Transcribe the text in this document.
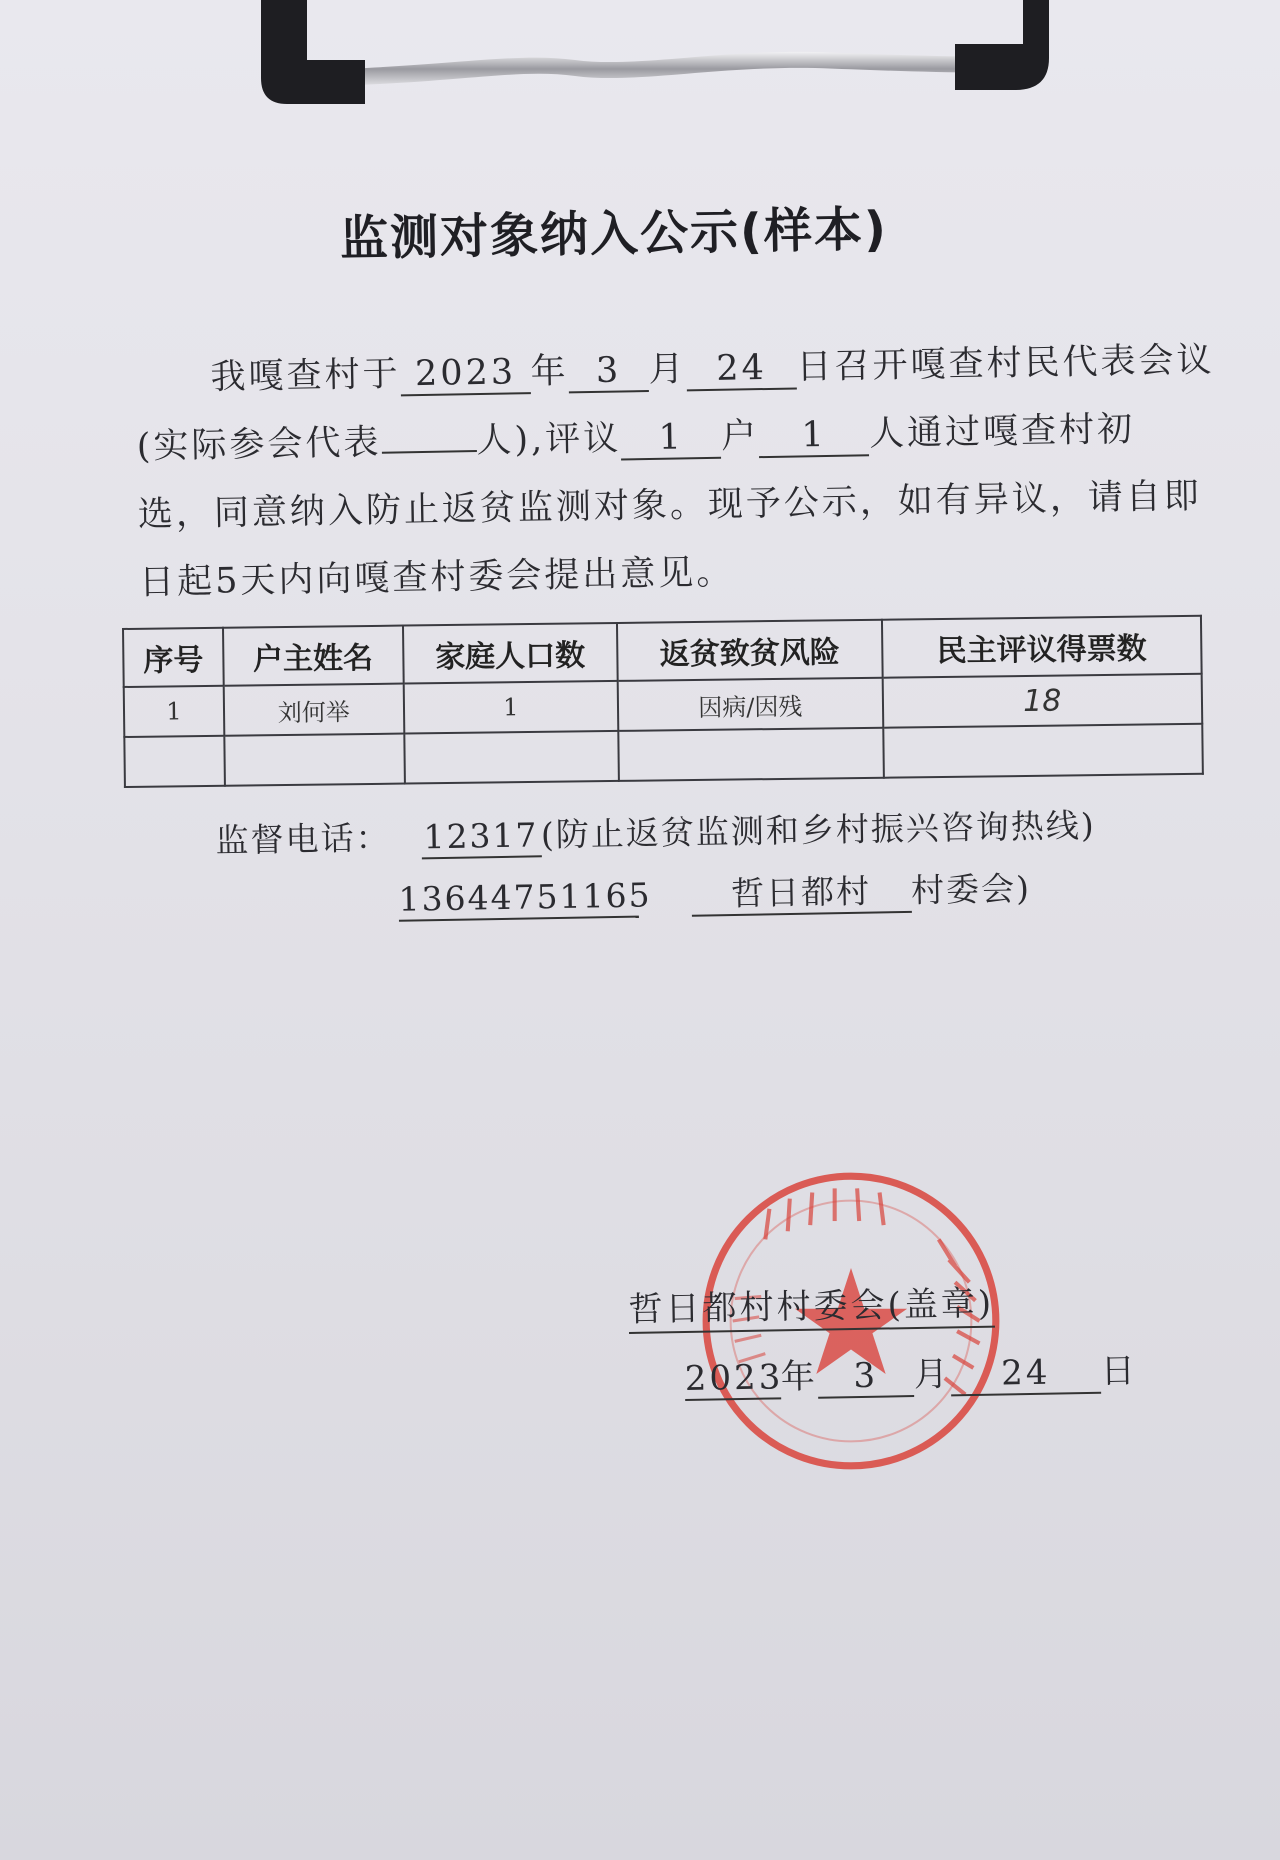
监测对象纳入公示(样本)
我嘎查村于 2023 年 3 月 24 日召开嘎查村民代表会议
(实际参会代表	人),评议 1 户 1 人通过嘎查村初
选，同意纳入防止返贫监测对象。现予公示，如有异议，请自即
日起5天内向嘎查村委会提出意见。
序号	户主姓名	家庭人口数	返贫致贫风险	民主评议得票数
1	刘何举	1	因病/因残	18

监督电话： 12317(防止返贫监测和乡村振兴咨询热线)
13644751165 哲日都村 村委会)
哲日都村村委会(盖章)
2023年 3 月 24 日
